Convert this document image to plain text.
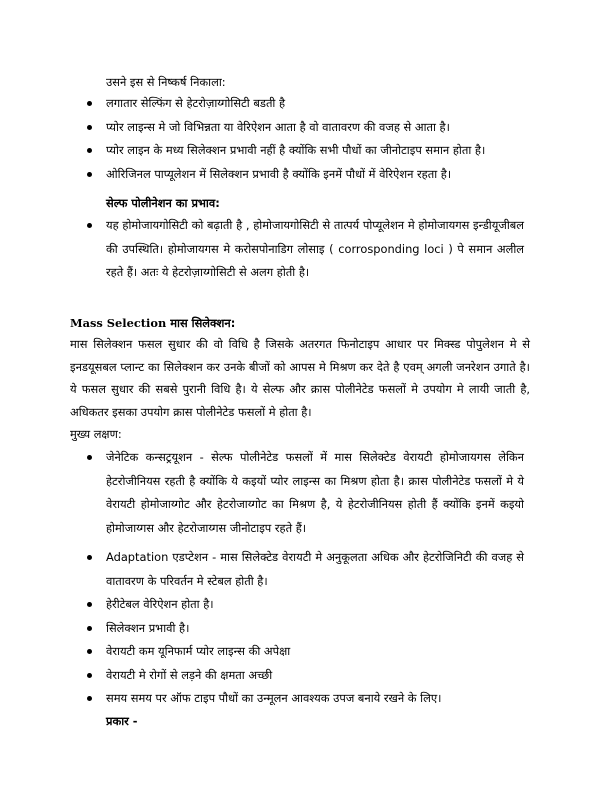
उसने इस से निष्कर्ष निकाला:
लगातार सेल्फिंग से हेटरोज़ाय्गोसिटी बडती है
प्योर लाइन्स मे जो विभिन्नता या वेरिऐशन आता है वो वातावरण की वजह से आता है।
प्योर लाइन के मध्य सिलेक्शन प्रभावी नहीं है क्योंकि सभी पौधों का जीनोटाइप समान होता है।
ओरिजिनल पाप्यूलेशन में सिलेक्शन प्रभावी है क्योंकि इनमें पौधों में वेरिऐशन रहता है।
सेल्फ पोलीनेशन का प्रभाव:
यह होमोजायगोसिटी को बढ़ाती है , होमोजायगोसिटी से तात्पर्य पोप्यूलेशन मे होमोजायगस इन्डीयूजीबल की उपस्थिति। होमोजायगस मे करोसपोनाडिग लोसाइ ( corrosponding loci ) पे समान अलील रहते हैं। अतः ये हेटरोज़ाय्गोसिटी से अलग होती है।
Mass Selection मास सिलेक्शन:
मास सिलेक्शन फसल सुधार की वो विधि है जिसके अतरगत फिनोटाइप आधार पर मिक्स्ड पोपुलेशन मे से इनडयूसबल प्लान्ट का सिलेक्शन कर उनके बीजों को आपस मे मिश्रण कर देते है एवम् अगली जनरेशन उगाते है। ये फसल सुधार की सबसे पुरानी विधि है। ये सेल्फ और क्रास पोलीनेटेड फसलों मे उपयोग मे लायी जाती है, अधिकतर इसका उपयोग क्रास पोलीनेटेड फसलों मे होता है।
मुख्य लक्षण:
जेनेटिक कन्सट्रयूशन - सेल्फ पोलीनेटेड फसलों में मास सिलेक्टेड वेरायटी होमोजायगस लेकिन हेटरोजीनियस रहती है क्योंकि ये कइयों प्योर लाइन्स का मिश्रण होता है। क्रास पोलीनेटेड फसलों मे ये वेरायटी होमोजाय्गोट और हेटरोजाय्गोट का मिश्रण है, ये हेटरोजीनियस होती हैं क्योंकि इनमें कइयो होमोजाय्गस और हेटरोजाय्गस जीनोटाइप रहते हैं।
Adaptation एडप्टेशन - मास सिलेक्टेड वेरायटी मे अनुकूलता अधिक और हेटरोजिनिटी की वजह से वातावरण के परिवर्तन मे स्टेबल होती है।
हेरीटेबल वेरिऐशन होता है।
सिलेक्शन प्रभावी है।
वेरायटी कम यूनिफार्म प्योर लाइन्स की अपेक्षा
वेरायटी मे रोगों से लड़ने की क्षमता अच्छी
समय समय पर ऑफ टाइप पौधों का उन्मूलन आवश्यक उपज बनाये रखने के लिए।
प्रकार -
